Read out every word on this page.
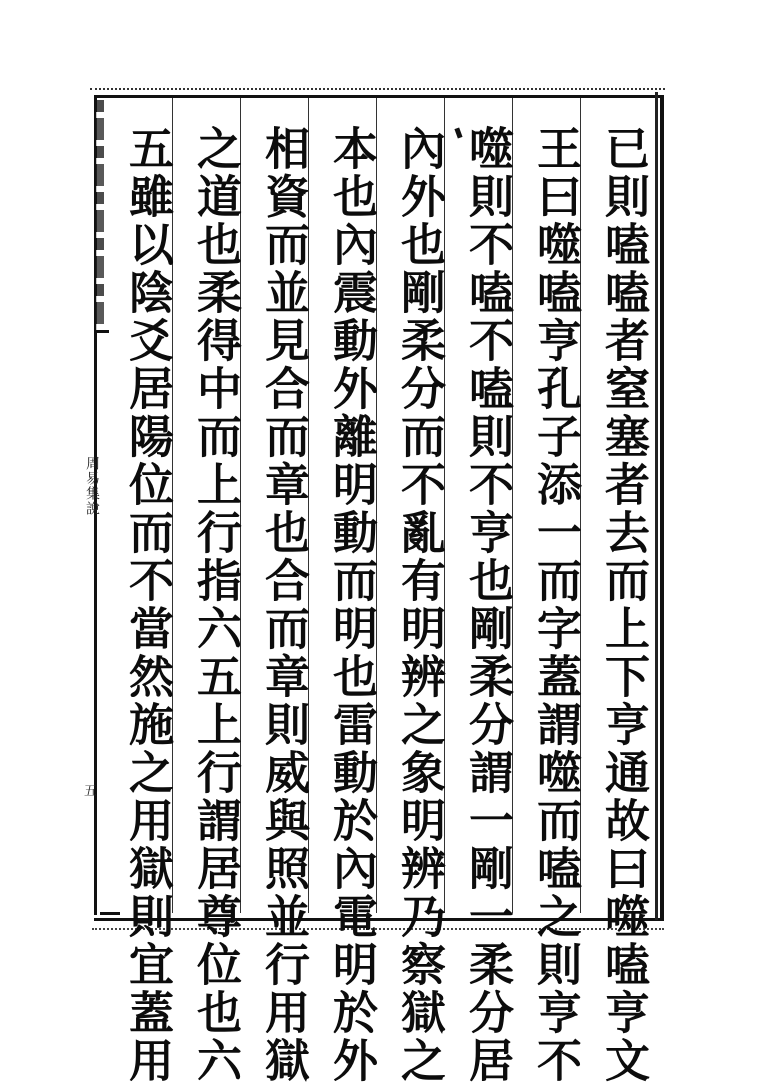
周易集說
五	已則嗑嗑者窒塞者去而上下亨通故曰噬嗑亨文
王曰噬嗑亨孔子添一而字蓋謂噬而嗑之則亨不
噬則不嗑不嗑則不亨也剛柔分謂一剛一柔分居
內外也剛柔分而不亂有明辨之象明辨乃察獄之
本也內震動外離明動而明也雷動於內電明於外
相資而並見合而章也合而章則威與照並行用獄
之道也柔得中而上行指六五上行謂居尊位也六
五雖以陰爻居陽位而不當然施之用獄則宜蓋用
